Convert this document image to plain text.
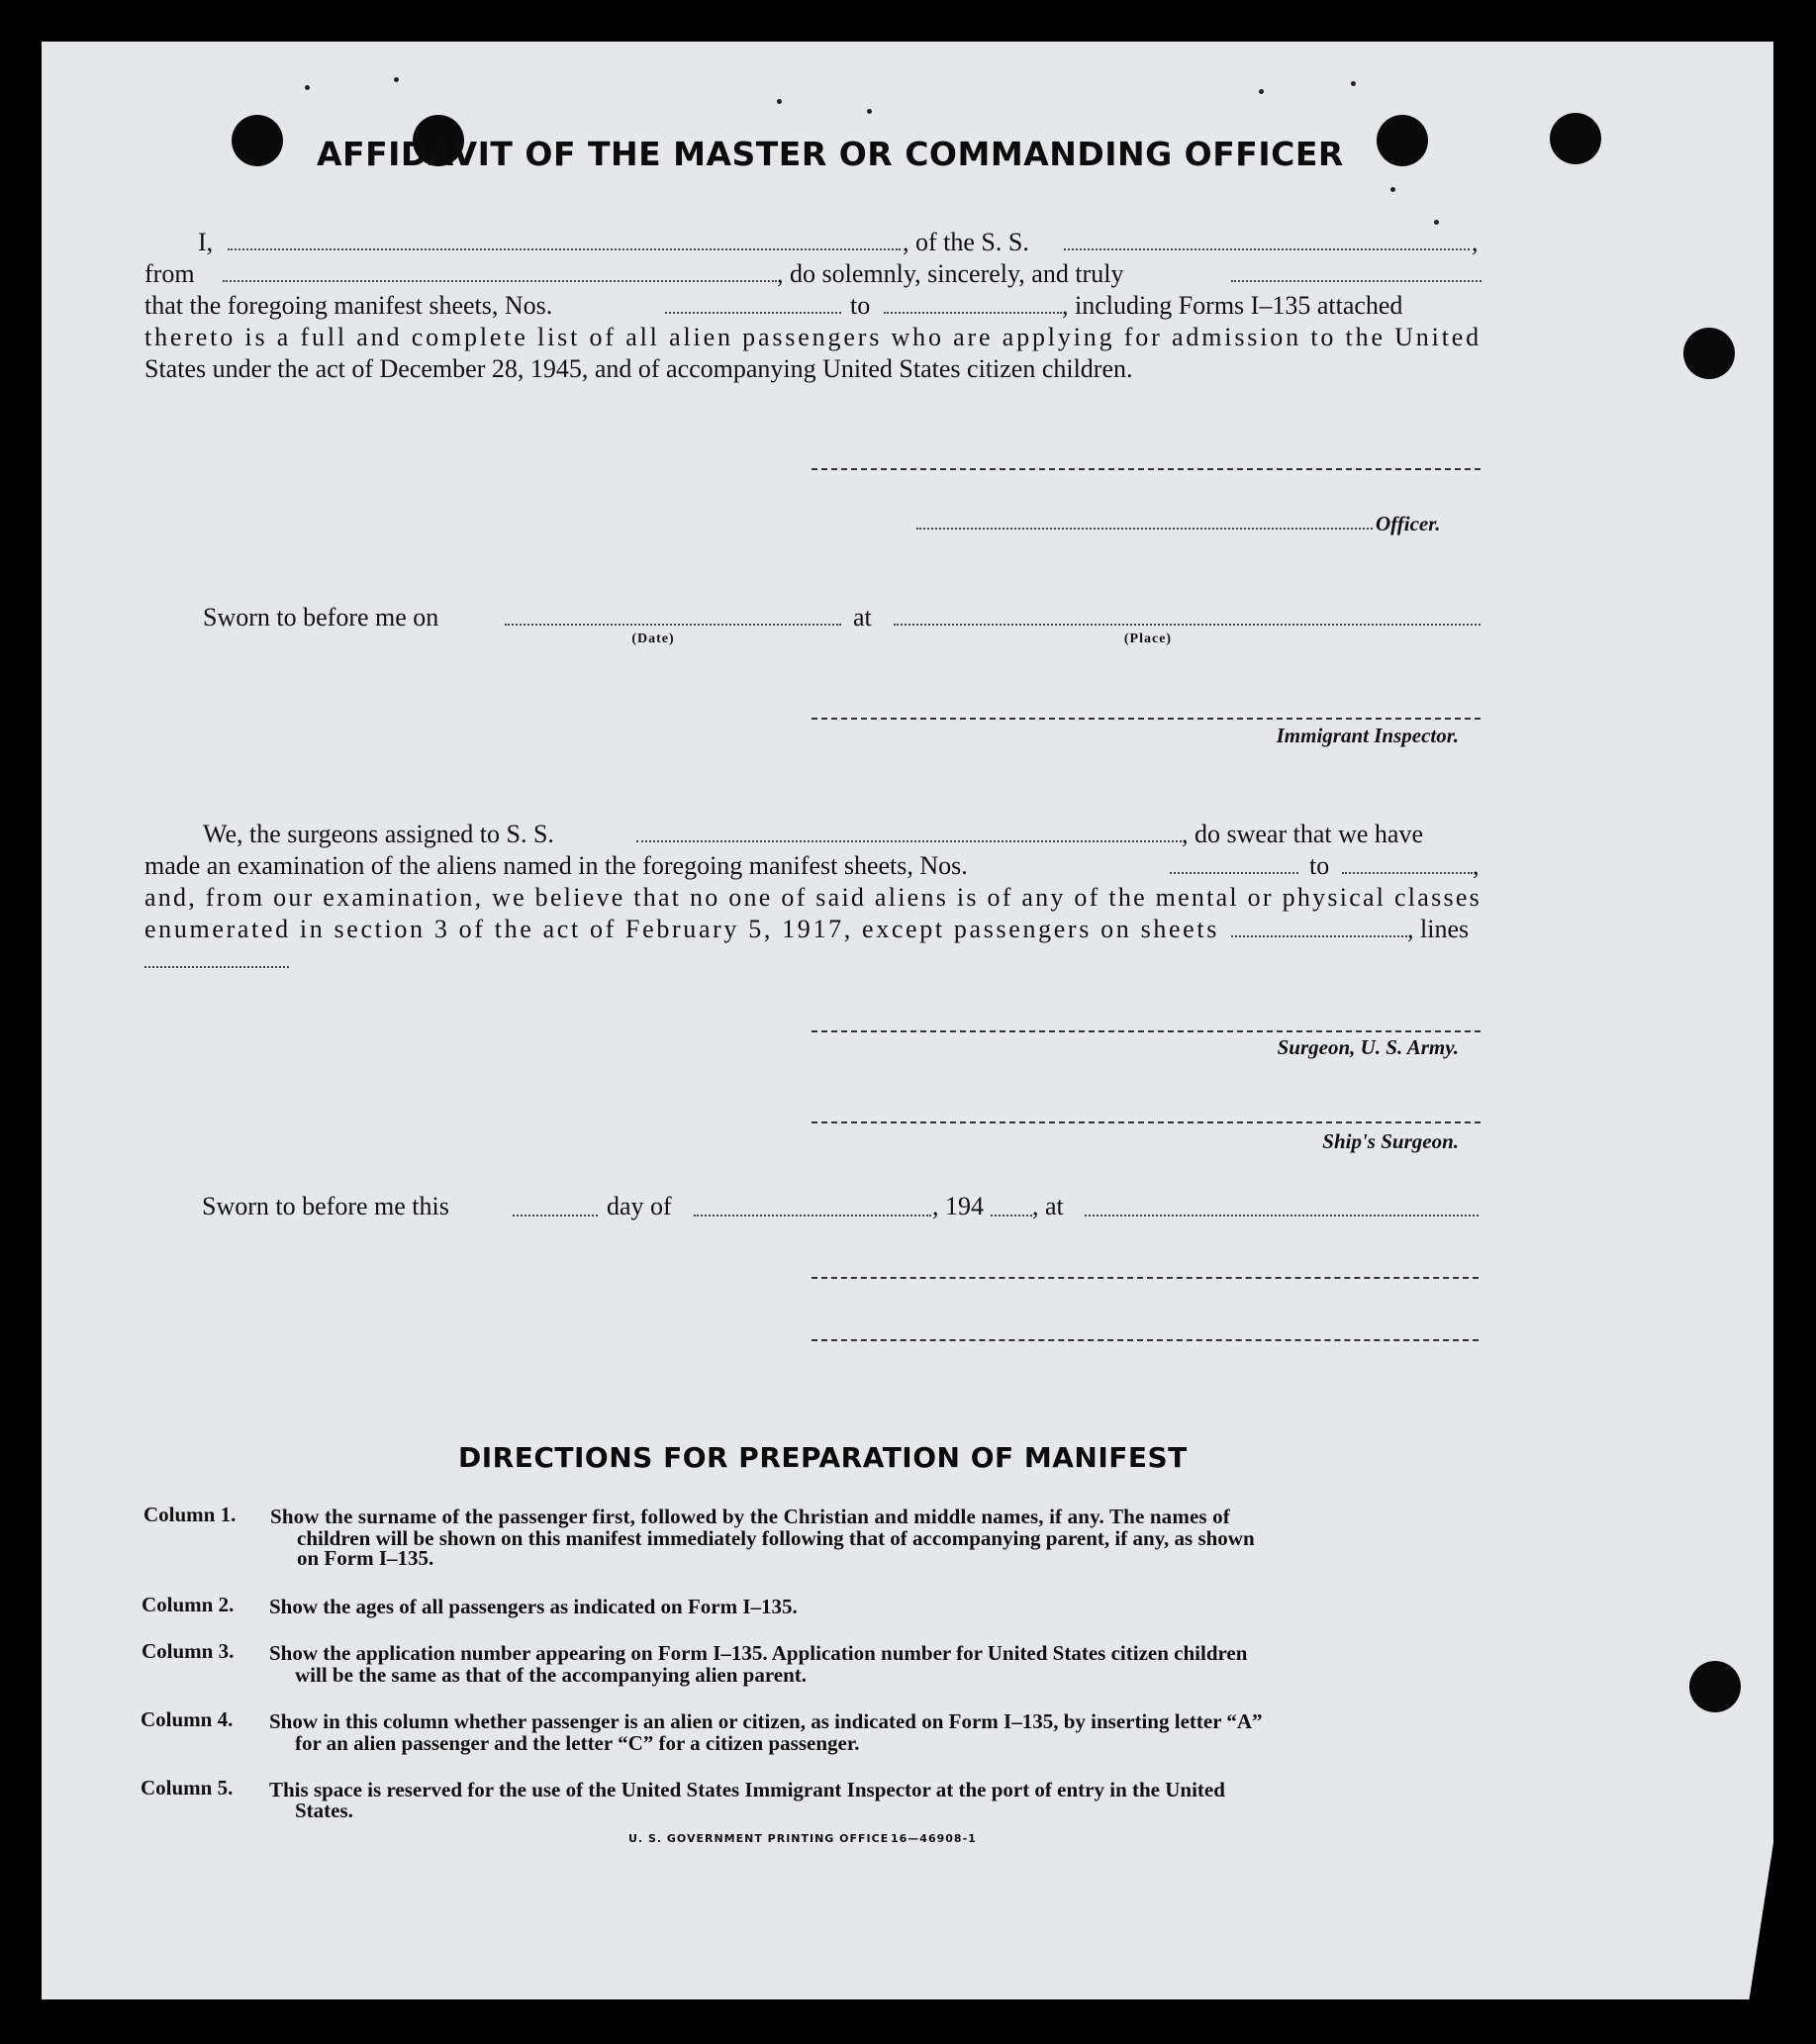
AFFIDAVIT OF THE MASTER OR COMMANDING OFFICER
I,	, of the S. S.	,
from	, do solemnly, sincerely, and truly
that the foregoing manifest sheets, Nos.	to	, including Forms I–135 attached
thereto is a full and complete list of all alien passengers who are applying for admission to the United
States under the act of December 28, 1945, and of accompanying United States citizen children.
Officer.
Sworn to before me on
(Date)
at
(Place)
Immigrant Inspector.
We, the surgeons assigned to S. S.	, do swear that we have
made an examination of the aliens named in the foregoing manifest sheets, Nos.	to	,
and, from our examination, we believe that no one of said aliens is of any of the mental or physical classes
enumerated in section 3 of the act of February 5, 1917, except passengers on sheets	, lines
Surgeon, U. S. Army.
Ship's Surgeon.
Sworn to before me this	day of	, 194 , at
DIRECTIONS FOR PREPARATION OF MANIFEST
Column 1. Show the surname of the passenger first, followed by the Christian and middle names, if any. The names of
children will be shown on this manifest immediately following that of accompanying parent, if any, as shown
on Form I–135.
Column 2. Show the ages of all passengers as indicated on Form I–135.
Column 3. Show the application number appearing on Form I–135. Application number for United States citizen children
will be the same as that of the accompanying alien parent.
Column 4. Show in this column whether passenger is an alien or citizen, as indicated on Form I–135, by inserting letter “A”
for an alien passenger and the letter “C” for a citizen passenger.
Column 5. This space is reserved for the use of the United States Immigrant Inspector at the port of entry in the United
States.
U. S. GOVERNMENT PRINTING OFFICE 16—46908-1
